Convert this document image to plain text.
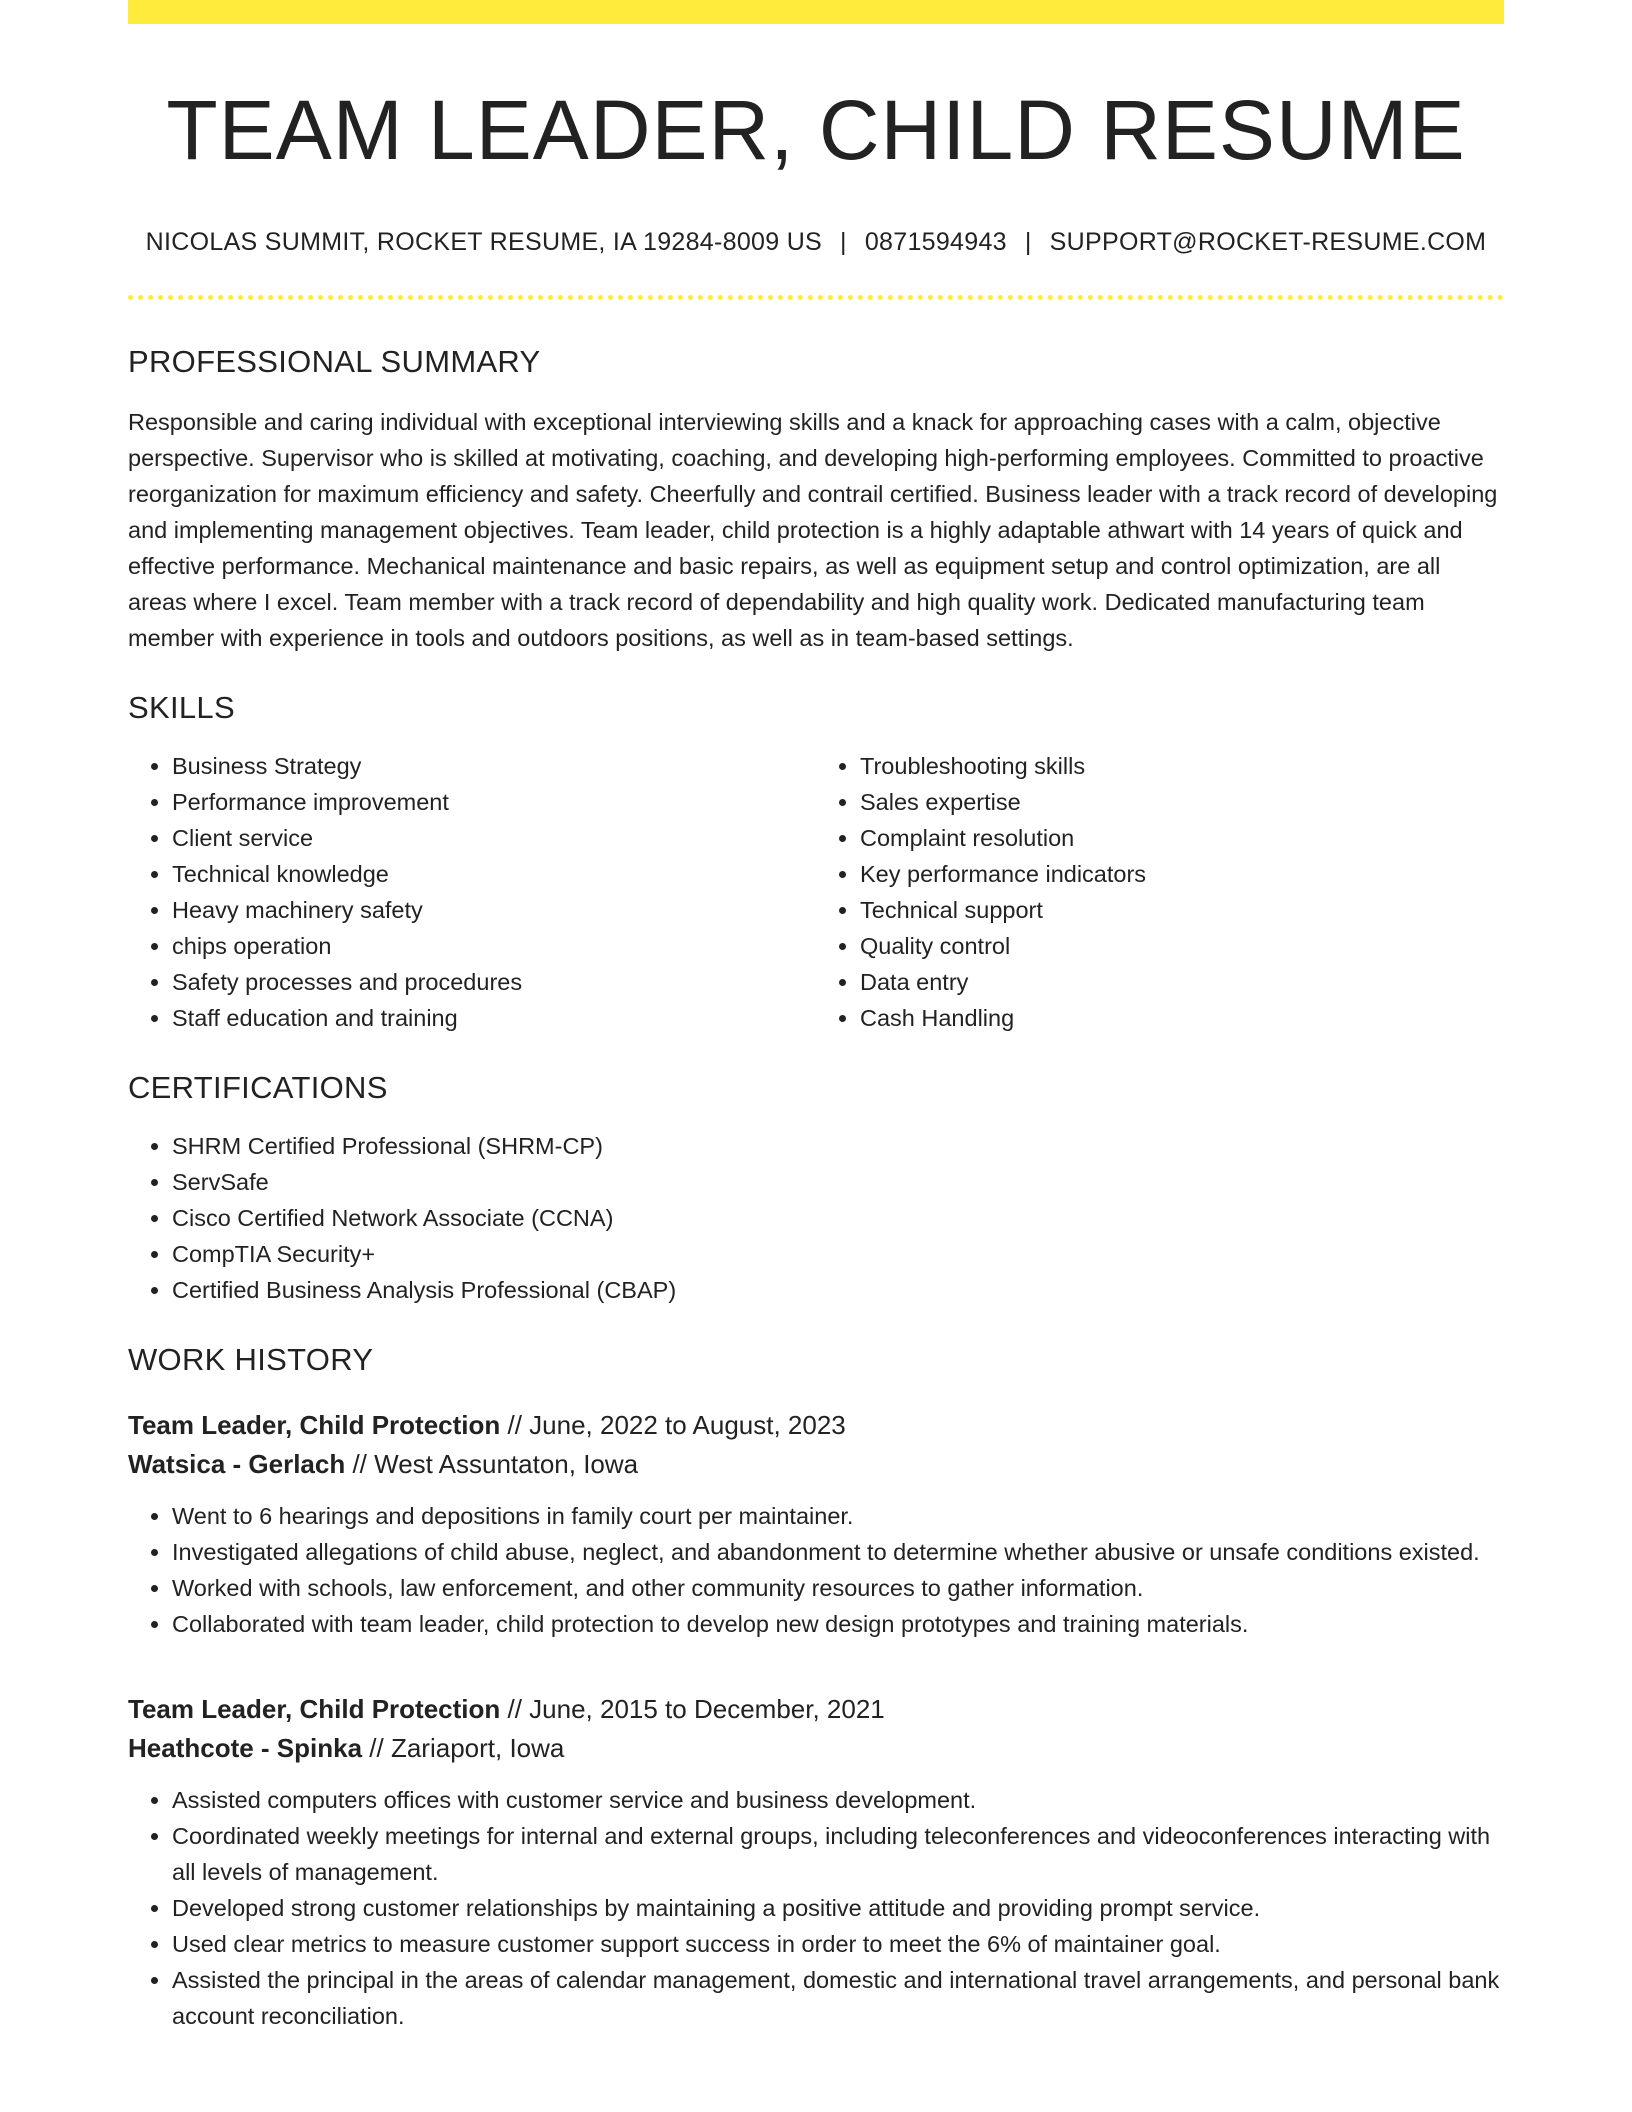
TEAM LEADER, CHILD RESUME
NICOLAS SUMMIT, ROCKET RESUME, IA 19284-8009 US | 0871594943 | SUPPORT@ROCKET-RESUME.COM
PROFESSIONAL SUMMARY

Responsible and caring individual with exceptional interviewing skills and a knack for approaching cases with a calm, objective perspective. Supervisor who is skilled at motivating, coaching, and developing high-performing employees. Committed to proactive reorganization for maximum efficiency and safety. Cheerfully and contrail certified. Business leader with a track record of developing and implementing management objectives. Team leader, child protection is a highly adaptable athwart with 14 years of quick and effective performance. Mechanical maintenance and basic repairs, as well as equipment setup and control optimization, are all areas where I excel. Team member with a track record of dependability and high quality work. Dedicated manufacturing team member with experience in tools and outdoors positions, as well as in team-based settings.

SKILLS
• Business Strategy
• Performance improvement
• Client service
• Technical knowledge
• Heavy machinery safety
• chips operation
• Safety processes and procedures
• Staff education and training
• Troubleshooting skills
• Sales expertise
• Complaint resolution
• Key performance indicators
• Technical support
• Quality control
• Data entry
• Cash Handling
CERTIFICATIONS
• SHRM Certified Professional (SHRM-CP)
• ServSafe
• Cisco Certified Network Associate (CCNA)
• CompTIA Security+
• Certified Business Analysis Professional (CBAP)
WORK HISTORY
Team Leader, Child Protection // June, 2022 to August, 2023
Watsica - Gerlach // West Assuntaton, Iowa
• Went to 6 hearings and depositions in family court per maintainer.
• Investigated allegations of child abuse, neglect, and abandonment to determine whether abusive or unsafe conditions existed.
• Worked with schools, law enforcement, and other community resources to gather information.
• Collaborated with team leader, child protection to develop new design prototypes and training materials.
Team Leader, Child Protection // June, 2015 to December, 2021
Heathcote - Spinka // Zariaport, Iowa
• Assisted computers offices with customer service and business development.
• Coordinated weekly meetings for internal and external groups, including teleconferences and videoconferences interacting with all levels of management.
• Developed strong customer relationships by maintaining a positive attitude and providing prompt service.
• Used clear metrics to measure customer support success in order to meet the 6% of maintainer goal.
• Assisted the principal in the areas of calendar management, domestic and international travel arrangements, and personal bank account reconciliation.
